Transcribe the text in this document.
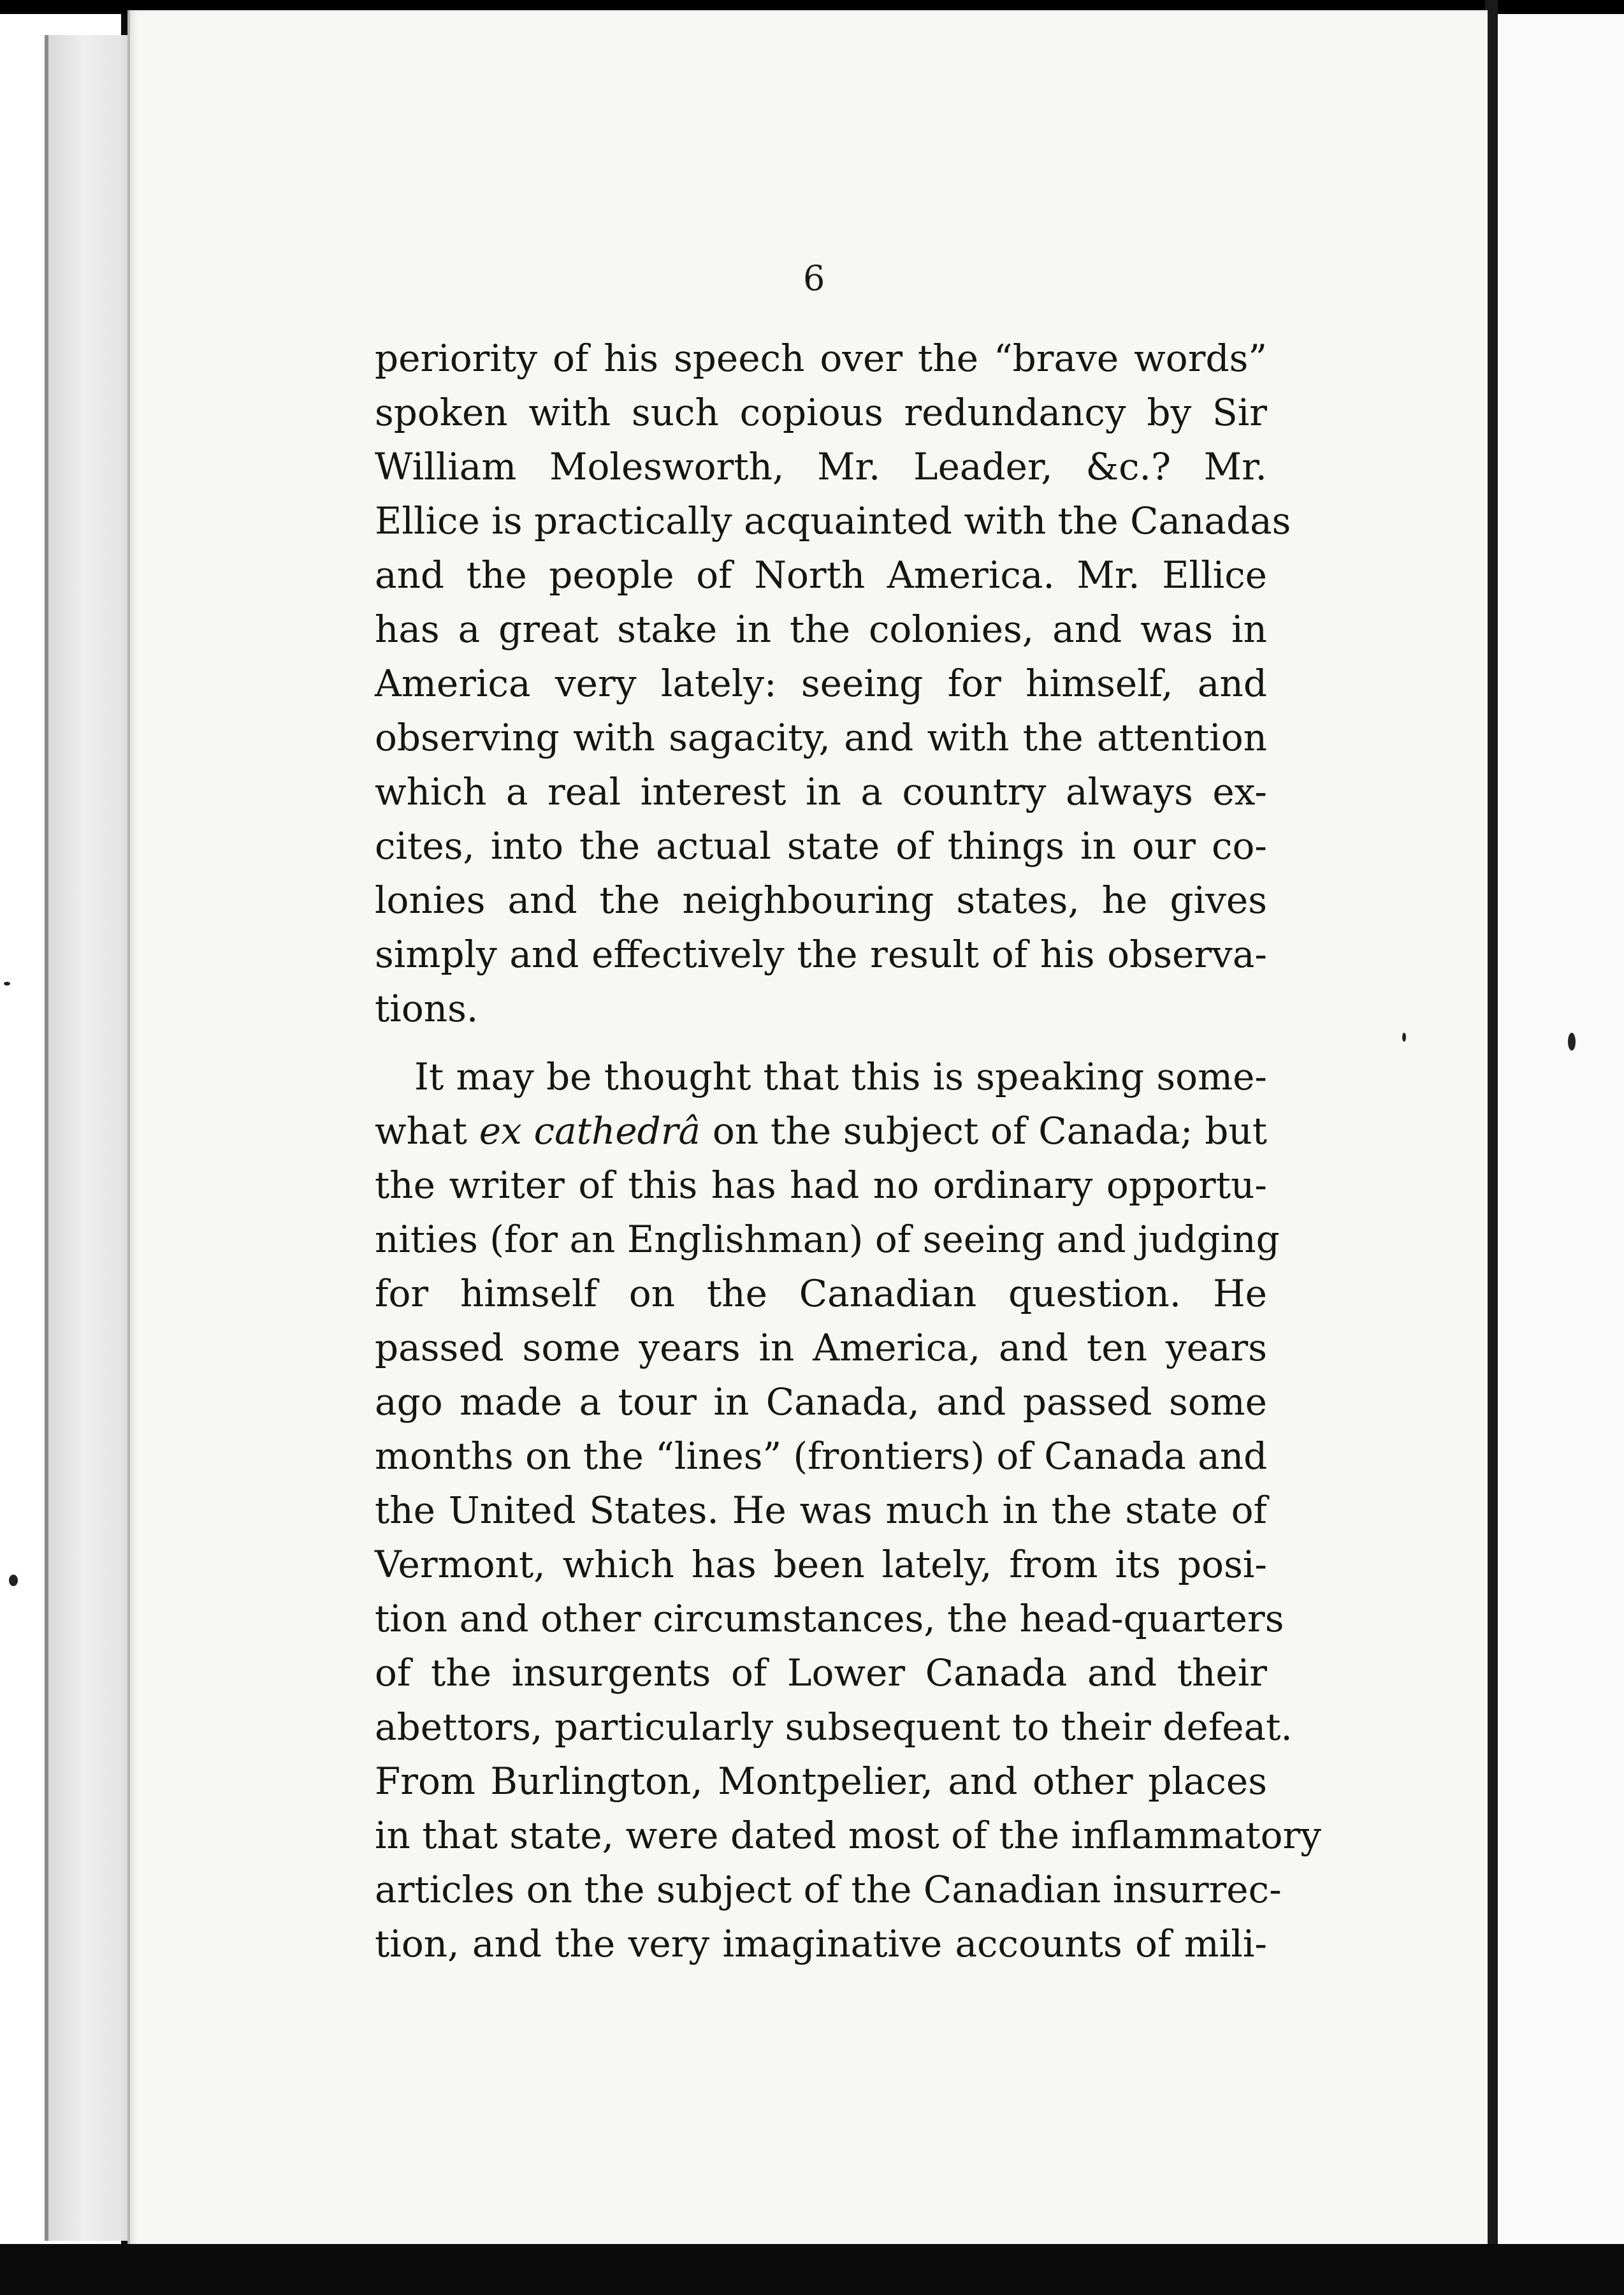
6
periority of his speech over the “brave words”
spoken with such copious redundancy by Sir
William Molesworth, Mr. Leader, &c.? Mr.
Ellice is practically acquainted with the Canadas
and the people of North America. Mr. Ellice
has a great stake in the colonies, and was in
America very lately: seeing for himself, and
observing with sagacity, and with the attention
which a real interest in a country always ex-
cites, into the actual state of things in our co-
lonies and the neighbouring states, he gives
simply and effectively the result of his observa-
tions.
It may be thought that this is speaking some-
what ex cathedrâ on the subject of Canada; but
the writer of this has had no ordinary opportu-
nities (for an Englishman) of seeing and judging
for himself on the Canadian question. He
passed some years in America, and ten years
ago made a tour in Canada, and passed some
months on the “lines” (frontiers) of Canada and
the United States. He was much in the state of
Vermont, which has been lately, from its posi-
tion and other circumstances, the head-quarters
of the insurgents of Lower Canada and their
abettors, particularly subsequent to their defeat.
From Burlington, Montpelier, and other places
in that state, were dated most of the inflammatory
articles on the subject of the Canadian insurrec-
tion, and the very imaginative accounts of mili-
